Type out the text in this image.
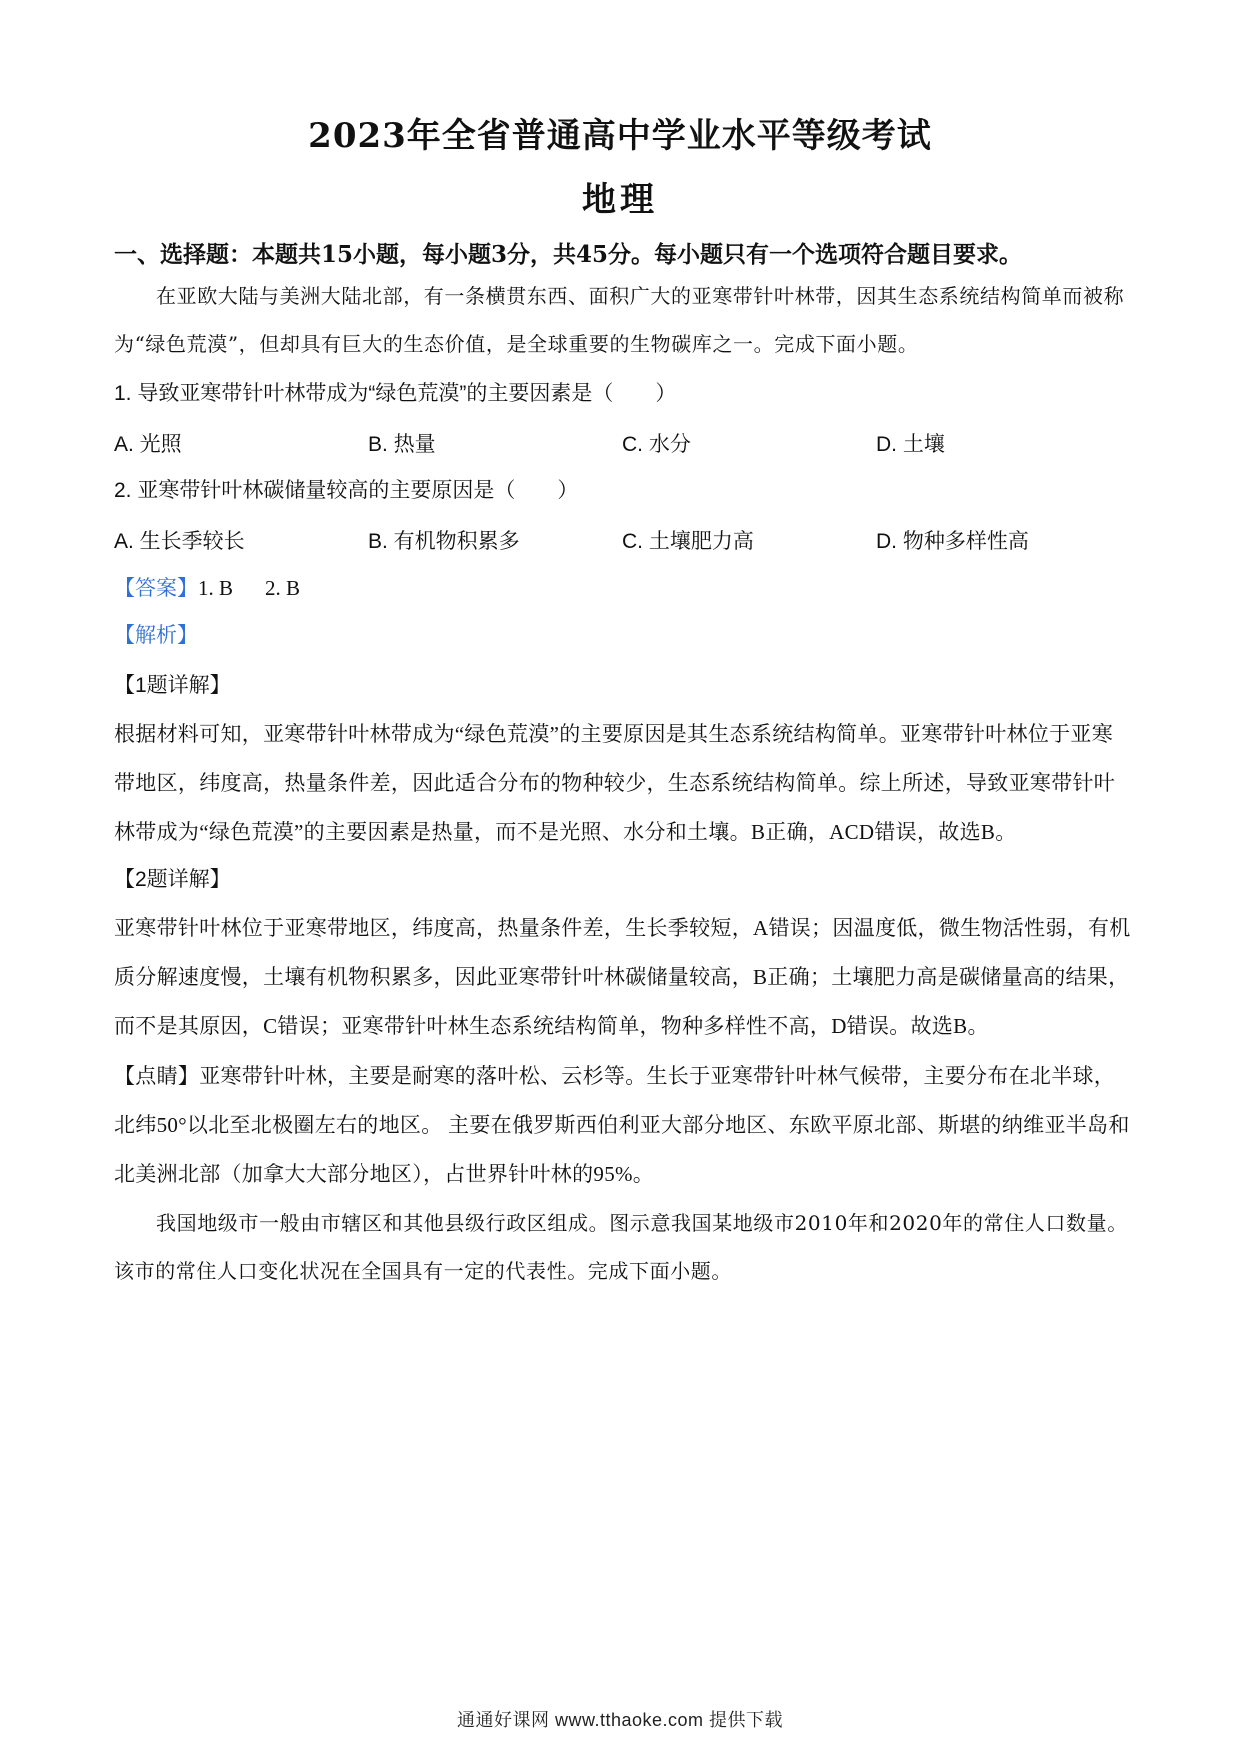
2023年全省普通高中学业水平等级考试
地理
一、选择题：本题共15小题，每小题3分，共45分。每小题只有一个选项符合题目要求。

在亚欧大陆与美洲大陆北部，有一条横贯东西、面积广大的亚寒带针叶林带，因其生态系统结构简单而被称为“绿色荒漠”，但却具有巨大的生态价值，是全球重要的生物碳库之一。完成下面小题。

1. 导致亚寒带针叶林带成为“绿色荒漠”的主要因素是（　　）

A. 光照	B. 热量	C. 水分	D. 土壤

2. 亚寒带针叶林碳储量较高的主要原因是（　　）

A. 生长季较长	B. 有机物积累多	C. 土壤肥力高	D. 物种多样性高

【答案】1. B 2. B

【解析】

【1题详解】

根据材料可知，亚寒带针叶林带成为“绿色荒漠”的主要原因是其生态系统结构简单。亚寒带针叶林位于亚寒带地区，纬度高，热量条件差，因此适合分布的物种较少，生态系统结构简单。综上所述，导致亚寒带针叶林带成为“绿色荒漠”的主要因素是热量，而不是光照、水分和土壤。B正确，ACD错误，故选B。

【2题详解】

亚寒带针叶林位于亚寒带地区，纬度高，热量条件差，生长季较短，A错误；因温度低，微生物活性弱，有机质分解速度慢，土壤有机物积累多，因此亚寒带针叶林碳储量较高，B正确；土壤肥力高是碳储量高的结果，而不是其原因，C错误；亚寒带针叶林生态系统结构简单，物种多样性不高，D错误。故选B。

【点睛】亚寒带针叶林，主要是耐寒的落叶松、云杉等。生长于亚寒带针叶林气候带，主要分布在北半球，北纬50°以北至北极圈左右的地区。 主要在俄罗斯西伯利亚大部分地区、东欧平原北部、斯堪的纳维亚半岛和北美洲北部（加拿大大部分地区），占世界针叶林的95%。

我国地级市一般由市辖区和其他县级行政区组成。图示意我国某地级市2010年和2020年的常住人口数量。该市的常住人口变化状况在全国具有一定的代表性。完成下面小题。

通通好课网 www.tthaoke.com 提供下载
